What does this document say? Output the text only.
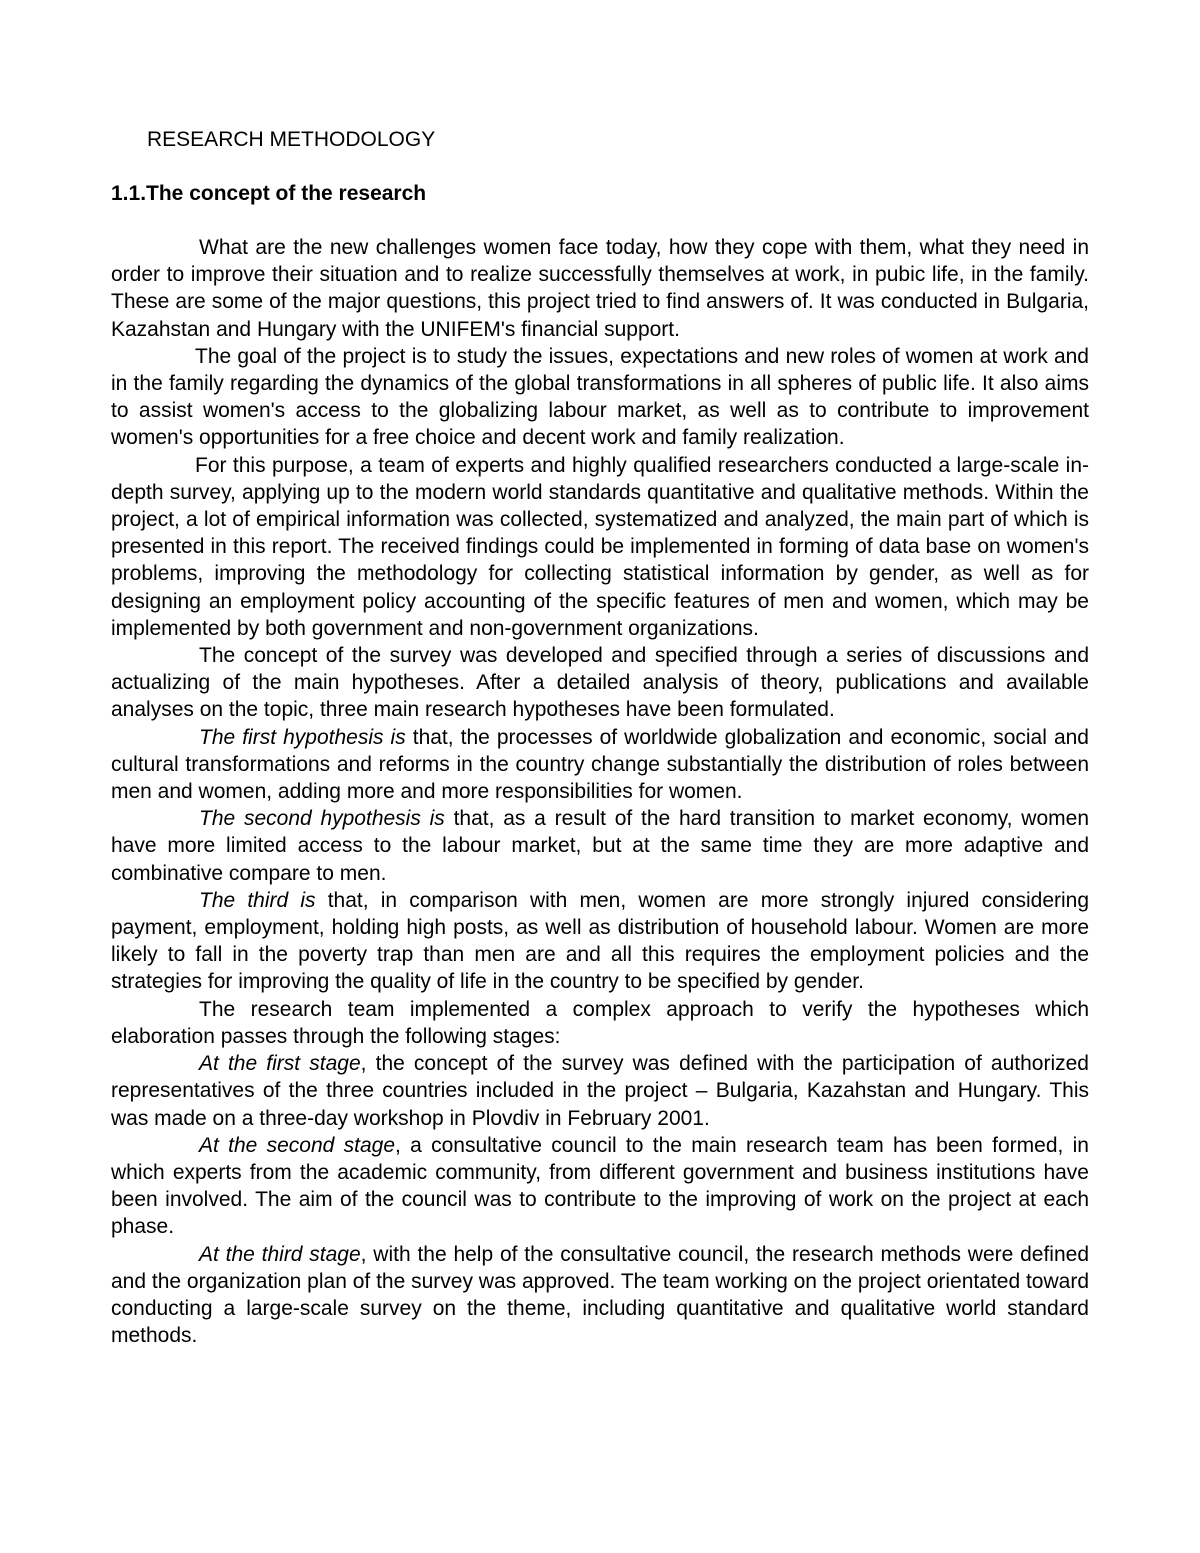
RESEARCH METHODOLOGY
1.1.The concept of the research

What are the new challenges women face today, how they cope with them, what they need in order to improve their situation and to realize successfully themselves at work, in pubic life, in the family. These are some of the major questions, this project tried to find answers of. It was conducted in Bulgaria, Kazahstan and Hungary with the UNIFEM's financial support.

The goal of the project is to study the issues, expectations and new roles of women at work and in the family regarding the dynamics of the global transformations in all spheres of public life. It also aims to assist women's access to the globalizing labour market, as well as to contribute to improvement women's opportunities for a free choice and decent work and family realization.

For this purpose, a team of experts and highly qualified researchers conducted a large-scale in- depth survey, applying up to the modern world standards quantitative and qualitative methods. Within the project, a lot of empirical information was collected, systematized and analyzed, the main part of which is presented in this report. The received findings could be implemented in forming of data base on women's problems, improving the methodology for collecting statistical information by gender, as well as for designing an employment policy accounting of the specific features of men and women, which may be implemented by both government and non-government organizations.

The concept of the survey was developed and specified through a series of discussions and actualizing of the main hypotheses. After a detailed analysis of theory, publications and available analyses on the topic, three main research hypotheses have been formulated.

The first hypothesis is that, the processes of worldwide globalization and economic, social and cultural transformations and reforms in the country change substantially the distribution of roles between men and women, adding more and more responsibilities for women.

The second hypothesis is that, as a result of the hard transition to market economy, women have more limited access to the labour market, but at the same time they are more adaptive and combinative compare to men.

The third is that, in comparison with men, women are more strongly injured considering payment, employment, holding high posts, as well as distribution of household labour. Women are more likely to fall in the poverty trap than men are and all this requires the employment policies and the strategies for improving the quality of life in the country to be specified by gender.

The research team implemented a complex approach to verify the hypotheses which elaboration passes through the following stages:

At the first stage, the concept of the survey was defined with the participation of authorized representatives of the three countries included in the project – Bulgaria, Kazahstan and Hungary. This was made on a three-day workshop in Plovdiv in February 2001.

At the second stage, a consultative council to the main research team has been formed, in which experts from the academic community, from different government and business institutions have been involved. The aim of the council was to contribute to the improving of work on the project at each phase.

At the third stage, with the help of the consultative council, the research methods were defined and the organization plan of the survey was approved. The team working on the project orientated toward conducting a large-scale survey on the theme, including quantitative and qualitative world standard methods.
